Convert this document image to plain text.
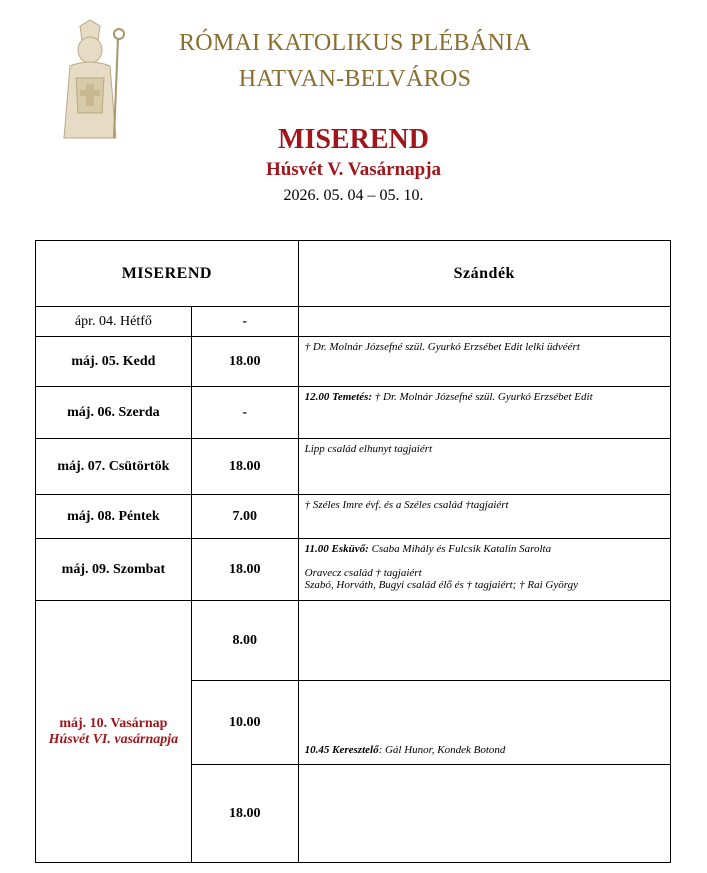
RÓMAI KATOLIKUS PLÉBÁNIA
HATVAN-BELVÁROS
MISEREND
Húsvét V. Vasárnapja
2026. 05. 04 – 05. 10.
MISEREND		Szándék
ápr. 04. Hétfő	-	
máj. 05. Kedd	18.00	† Dr. Molnár Józsefné szül. Gyurkó Erzsébet Edit lelki üdvéért
máj. 06. Szerda	-	12.00 Temetés: † Dr. Molnár Józsefné szül. Gyurkó Erzsébet Edit
máj. 07. Csütörtök	18.00	Lipp család elhunyt tagjaiért
máj. 08. Péntek	7.00	† Széles Imre évf. és a Széles család †tagjaiért
máj. 09. Szombat	18.00	11.00 Esküvő: Csaba Mihály és Fulcsik Katalin Sarolta
Oravecz család † tagjaiért
Szabó, Horváth, Bugyi család élő és † tagjaiért; † Rai György

máj. 10. Vasárnap
Húsvét VI. vasárnapja	8.00	
	10.00	10.45 Keresztelő: Gál Hunor, Kondek Botond

	18.00	
